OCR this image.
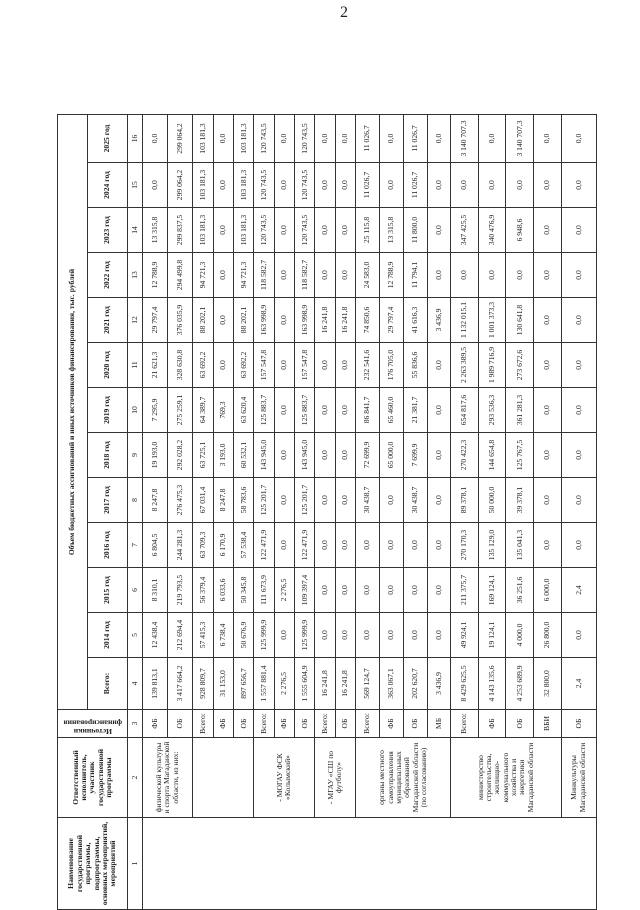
2
Наименование государственной программы, подпрограммы, основных мероприятий, мероприятий	Ответственный исполнитель, участник государственной программы	Источники финансирования	Объем бюджетных ассигнований и иных источников финансирования, тыс. рублей												
			Всего:	2014 год	2015 год	2016 год	2017 год	2018 год	2019 год	2020 год	2021 год	2022 год	2023 год	2024 год	2025 год
1	2	3	4	5	6	7	8	9	10	11	12	13	14	15	16
	физической культуры и спорта Магаданской области, из них:	ФБ	139 813,1	12 438,4	8 310,1	6 804,5	8 247,8	19 193,0	7 295,9	21 621,3	29 797,4	12 788,9	13 315,8	0,0	0,0
		ОБ	3 417 664,2	212 694,4	219 793,5	244 281,3	276 475,3	292 028,2	275 259,1	328 630,8	376 035,9	294 499,8	299 837,5	299 064,2	299 064,2
		Всего:	928 809,7	57 415,3	56 379,4	63 709,3	67 031,4	63 725,1	64 389,7	63 692,2	88 202,1	94 721,3	103 181,3	103 181,3	103 181,3
		ФБ	31 153,0	6 738,4	6 033,6	6 170,9	8 247,8	3 193,0	769,3	0,0	0,0	0,0	0,0	0,0	0,0
		ОБ	897 656,7	50 676,9	50 345,8	57 538,4	58 783,6	60 532,1	63 620,4	63 692,2	88 202,1	94 721,3	103 181,3	103 181,3	103 181,3
	- МОГАУ ФСК «Колымский»	Всего:	1 557 881,4	125 999,9	111 673,9	122 471,9	125 201,7	143 945,0	125 883,7	157 547,8	163 998,9	118 582,7	120 743,5	120 743,5	120 743,5
		ФБ	2 276,5	0,0	2 276,5	0,0	0,0	0,0	0,0	0,0	0,0	0,0	0,0	0,0	0,0
		ОБ	1 555 604,9	125 999,9	109 397,4	122 471,9	125 201,7	143 945,0	125 883,7	157 547,8	163 998,9	118 582,7	120 743,5	120 743,5	120 743,5
	- МГАУ «СШ по футболу»	Всего:	16 241,8	0,0	0,0	0,0	0,0	0,0	0,0	0,0	16 241,8	0,0	0,0	0,0	0,0
		ОБ	16 241,8	0,0	0,0	0,0	0,0	0,0	0,0	0,0	16 241,8	0,0	0,0	0,0	0,0
	органы местного самоуправления муниципальных образований Магаданской области (по согласованию)	Всего:	569 124,7	0,0	0,0	0,0	30 438,7	72 699,9	86 841,7	232 541,6	74 850,6	24 583,0	25 115,8	11 026,7	11 026,7
		ФБ	363 067,1	0,0	0,0	0,0	0,0	65 000,0	65 460,0	176 705,0	29 797,4	12 788,9	13 315,8	0,0	0,0
		ОБ	202 620,7	0,0	0,0	0,0	30 438,7	7 699,9	21 381,7	55 836,6	41 616,3	11 794,1	11 800,0	11 026,7	11 026,7
		МБ	3 436,9	0,0	0,0	0,0	0,0	0,0	0,0	0,0	3 436,9	0,0	0,0	0,0	0,0
	министерство строительства, жилищно-коммунального хозяйства и энергетики Магаданской области	Всего:	8 429 625,5	49 924,1	211 375,7	270 170,3	89 378,1	270 422,3	654 817,6	2 263 389,5	1 132 015,1	0,0	347 425,5	0,0	3 140 707,3
		ФБ	4 143 135,6	19 124,1	169 124,1	135 129,0	50 000,0	144 654,8	293 536,3	1 989 716,9	1 001 373,3	0,0	340 476,9	0,0	0,0
		ОБ	4 253 689,9	4 000,0	36 251,6	135 041,3	39 378,1	125 767,5	361 281,3	273 672,6	130 641,8	0,0	6 948,6	0,0	3 140 707,3
		ВБИ	32 800,0	26 800,0	6 000,0	0,0	0,0	0,0	0,0	0,0	0,0	0,0	0,0	0,0	0,0
	Минкультуры Магаданской области	ОБ	2,4	0,0	2,4	0,0	0,0	0,0	0,0	0,0	0,0	0,0	0,0	0,0	0,0
